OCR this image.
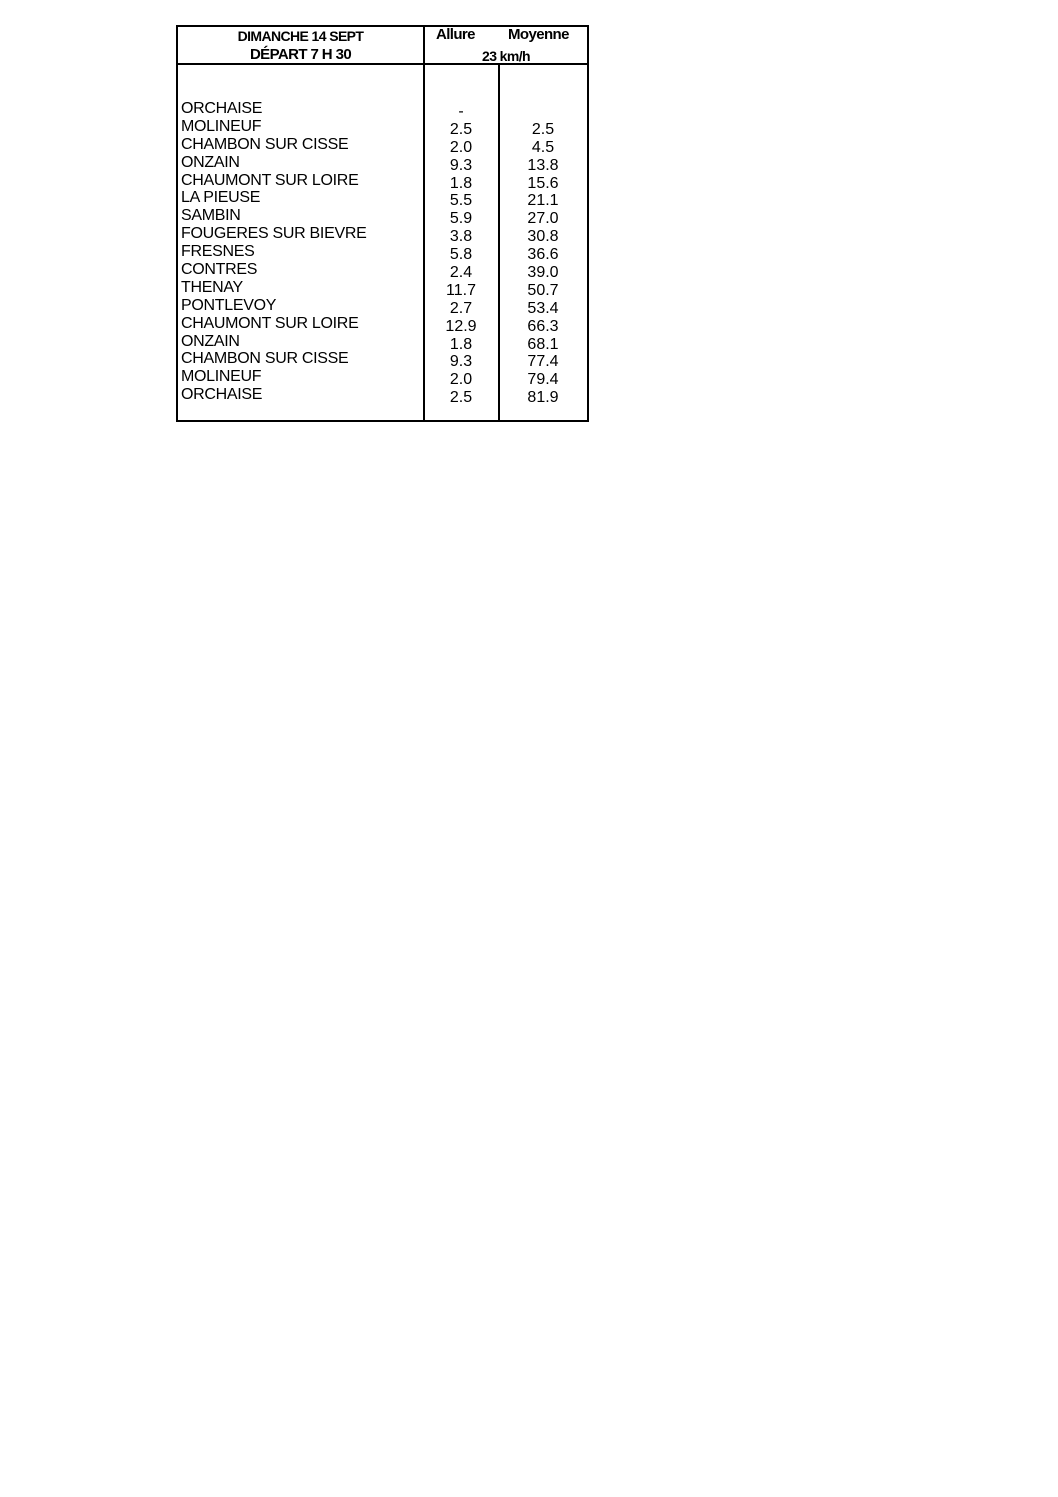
DIMANCHE 14 SEPT
DÉPART 7 H 30
Allure Moyenne
23 km/h
ORCHAISE	-
MOLINEUF	2.5	2.5
CHAMBON SUR CISSE	2.0	4.5
ONZAIN	9.3	13.8
CHAUMONT SUR LOIRE	1.8	15.6
LA PIEUSE	5.5	21.1
SAMBIN	5.9	27.0
FOUGERES SUR BIEVRE	3.8	30.8
FRESNES	5.8	36.6
CONTRES	2.4	39.0
THENAY	11.7	50.7
PONTLEVOY	2.7	53.4
CHAUMONT SUR LOIRE	12.9	66.3
ONZAIN	1.8	68.1
CHAMBON SUR CISSE	9.3	77.4
MOLINEUF	2.0	79.4
ORCHAISE	2.5	81.9
